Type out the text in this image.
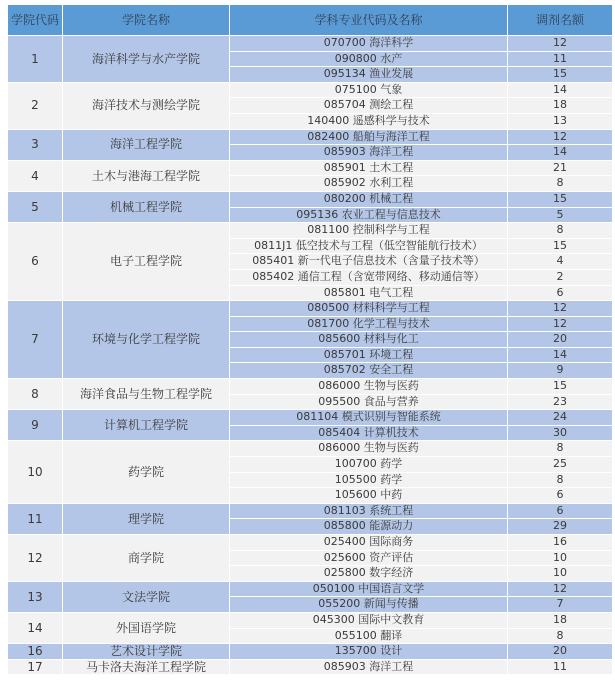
学院代码	学院名称	学科专业代码及名称	调剂名额
1	海洋科学与水产学院	070700 海洋科学	12
		090800 水产	11
		095134 渔业发展	15
2	海洋技术与测绘学院	075100 气象	14
		085704 测绘工程	18
		140400 遥感科学与技术	13
3	海洋工程学院	082400 船舶与海洋工程	12
		085903 海洋工程	14
4	土木与港海工程学院	085901 土木工程	21
		085902 水利工程	8
5	机械工程学院	080200 机械工程	15
		095136 农业工程与信息技术	5
6	电子工程学院	081100 控制科学与工程	8
		0811J1 低空技术与工程（低空智能航行技术）	15
		085401 新一代电子信息技术（含量子技术等）	4
		085402 通信工程（含宽带网络、移动通信等）	2
		085801 电气工程	6
7	环境与化学工程学院	080500 材料科学与工程	12
		081700 化学工程与技术	12
		085600 材料与化工	20
		085701 环境工程	14
		085702 安全工程	9
8	海洋食品与生物工程学院	086000 生物与医药	15
		095500 食品与营养	23
9	计算机工程学院	081104 模式识别与智能系统	24
		085404 计算机技术	30
10	药学院	086000 生物与医药	8
		100700 药学	25
		105500 药学	8
		105600 中药	6
11	理学院	081103 系统工程	6
		085800 能源动力	29
12	商学院	025400 国际商务	16
		025600 资产评估	10
		025800 数字经济	10
13	文法学院	050100 中国语言文学	12
		055200 新闻与传播	7
14	外国语学院	045300 国际中文教育	18
		055100 翻译	8
16	艺术设计学院	135700 设计	20
17	马卡洛夫海洋工程学院	085903 海洋工程	11
